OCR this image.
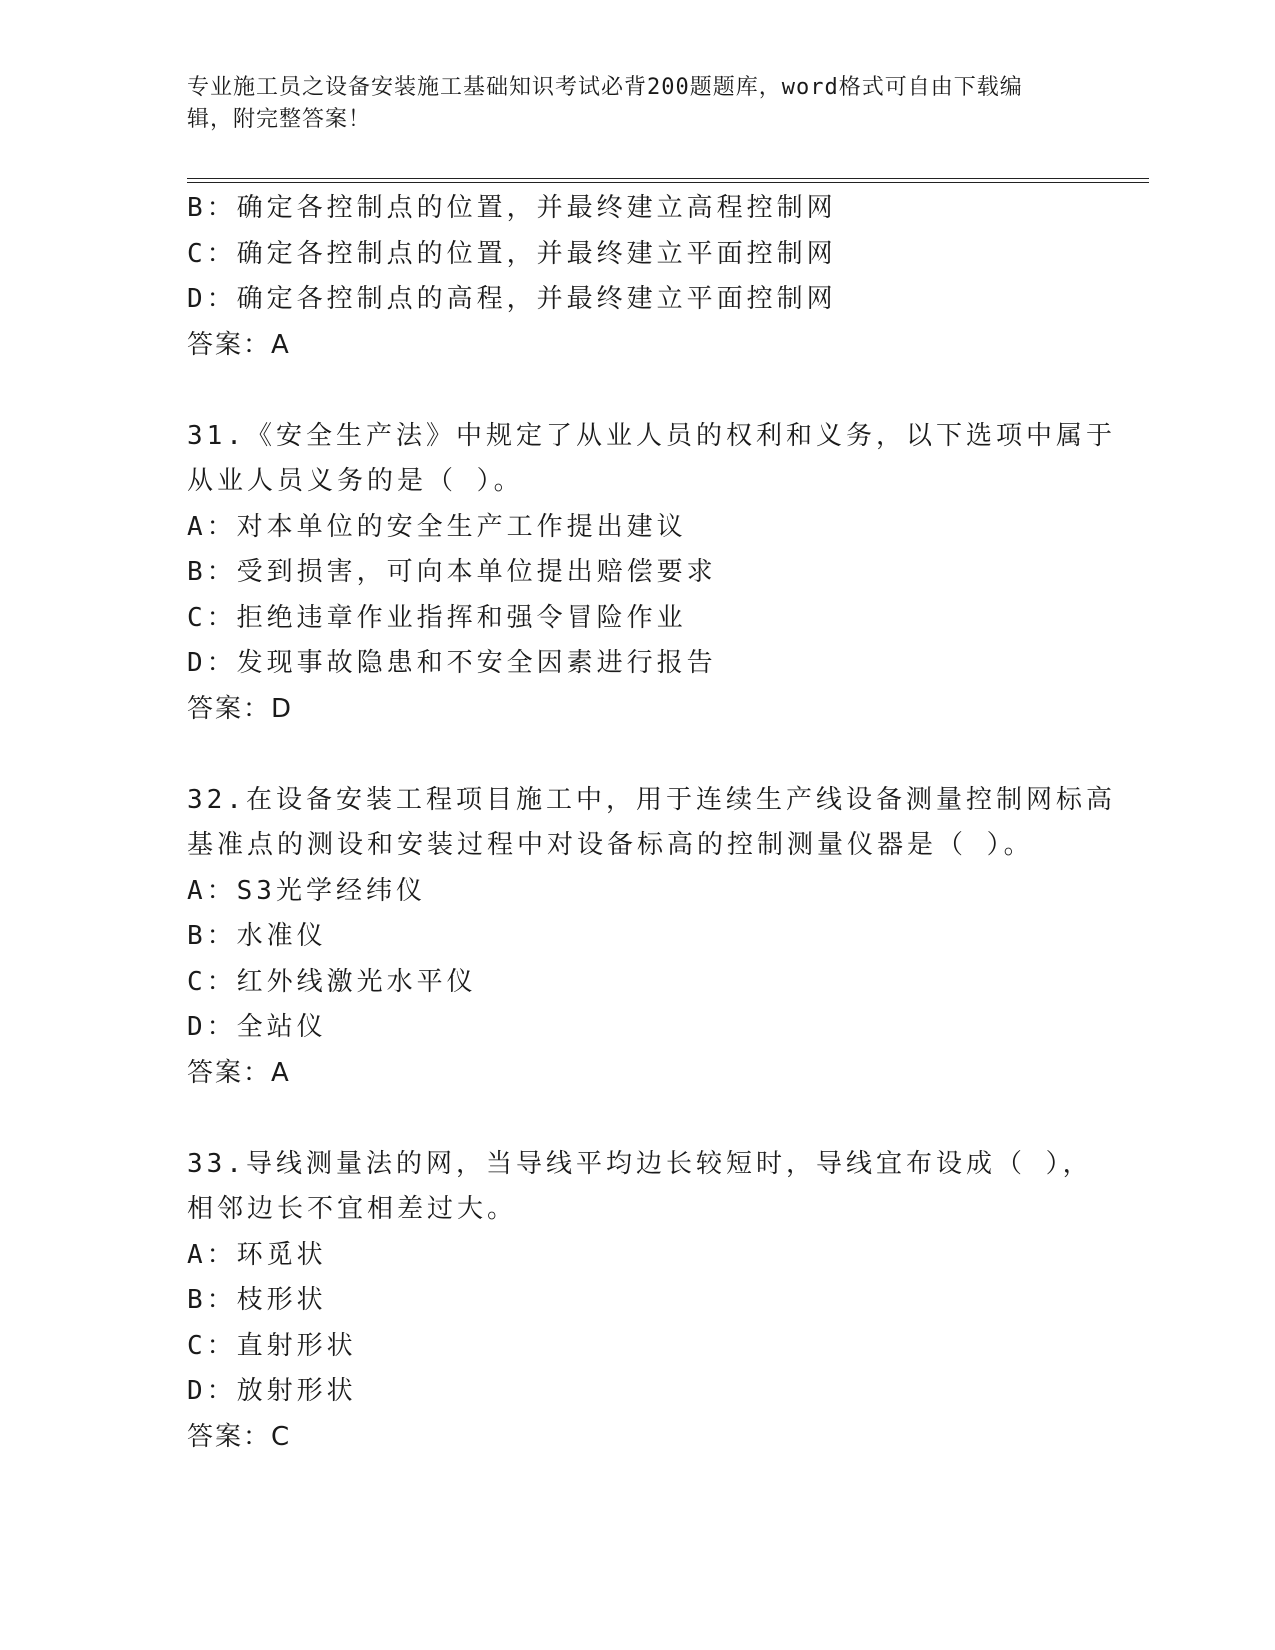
专业施工员之设备安装施工基础知识考试必背200题题库，word格式可自由下载编辑，附完整答案！
B：确定各控制点的位置，并最终建立高程控制网
C：确定各控制点的位置，并最终建立平面控制网
D：确定各控制点的高程，并最终建立平面控制网
答案：A
31.《安全生产法》中规定了从业人员的权利和义务，以下选项中属于
从业人员义务的是（ ）。
A：对本单位的安全生产工作提出建议
B：受到损害，可向本单位提出赔偿要求
C：拒绝违章作业指挥和强令冒险作业
D：发现事故隐患和不安全因素进行报告
答案：D
32.在设备安装工程项目施工中，用于连续生产线设备测量控制网标高
基准点的测设和安装过程中对设备标高的控制测量仪器是（ ）。
A：S3光学经纬仪
B：水准仪
C：红外线激光水平仪
D：全站仪
答案：A
33.导线测量法的网，当导线平均边长较短时，导线宜布设成（ ），
相邻边长不宜相差过大。
A：环觅状
B：枝形状
C：直射形状
D：放射形状
答案：C
